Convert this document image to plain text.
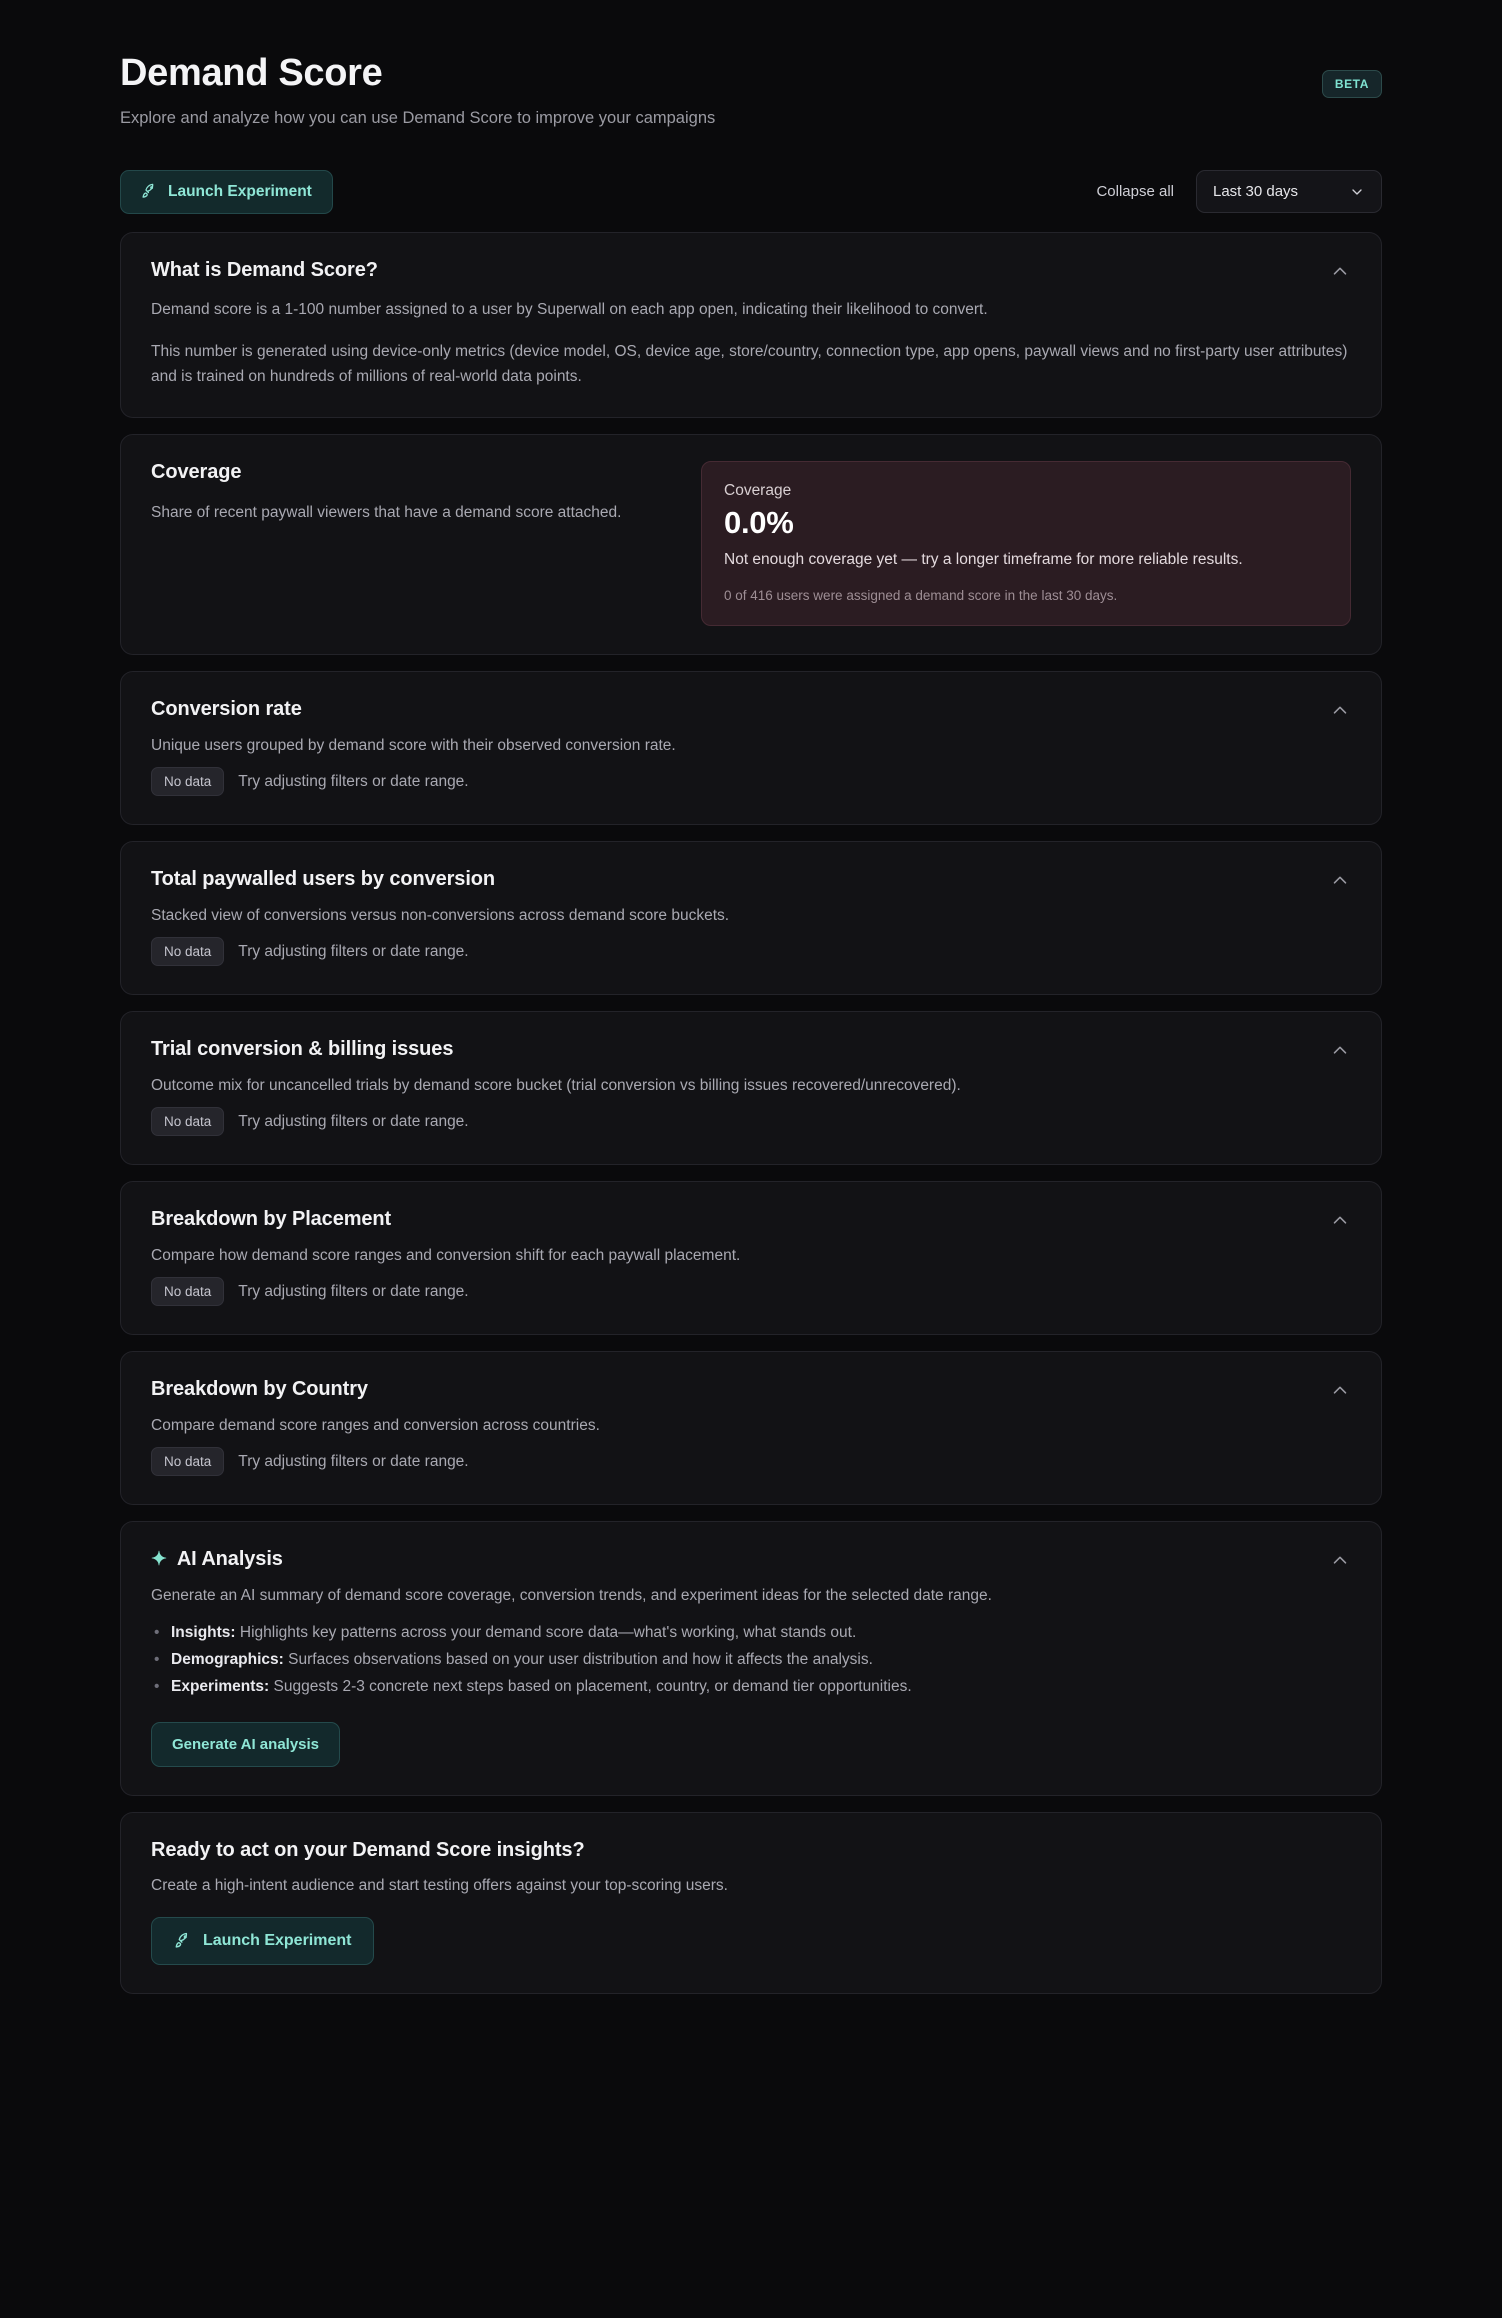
Demand Score
Explore and analyze how you can use Demand Score to improve your campaigns
BETA
Launch Experiment	Collapse all	Last 30 days
What is Demand Score?

Demand score is a 1-100 number assigned to a user by Superwall on each app open, indicating their likelihood to convert.

This number is generated using device-only metrics (device model, OS, device age, store/country, connection type, app opens, paywall views and no first-party user attributes) and is trained on hundreds of millions of real-world data points.

Coverage
Share of recent paywall viewers that have a demand score attached.
Coverage
0.0%
Not enough coverage yet — try a longer timeframe for more reliable results.
0 of 416 users were assigned a demand score in the last 30 days.
Conversion rate
Unique users grouped by demand score with their observed conversion rate.
No data	Try adjusting filters or date range.
Total paywalled users by conversion
Stacked view of conversions versus non-conversions across demand score buckets.
No data	Try adjusting filters or date range.
Trial conversion & billing issues
Outcome mix for uncancelled trials by demand score bucket (trial conversion vs billing issues recovered/unrecovered).
No data	Try adjusting filters or date range.
Breakdown by Placement
Compare how demand score ranges and conversion shift for each paywall placement.
No data	Try adjusting filters or date range.
Breakdown by Country
Compare demand score ranges and conversion across countries.
No data	Try adjusting filters or date range.
✦ AI Analysis
Generate an AI summary of demand score coverage, conversion trends, and experiment ideas for the selected date range.
• Insights: Highlights key patterns across your demand score data—what's working, what stands out.
• Demographics: Surfaces observations based on your user distribution and how it affects the analysis.
• Experiments: Suggests 2-3 concrete next steps based on placement, country, or demand tier opportunities.
Generate AI analysis
Ready to act on your Demand Score insights?
Create a high-intent audience and start testing offers against your top-scoring users.
Launch Experiment
